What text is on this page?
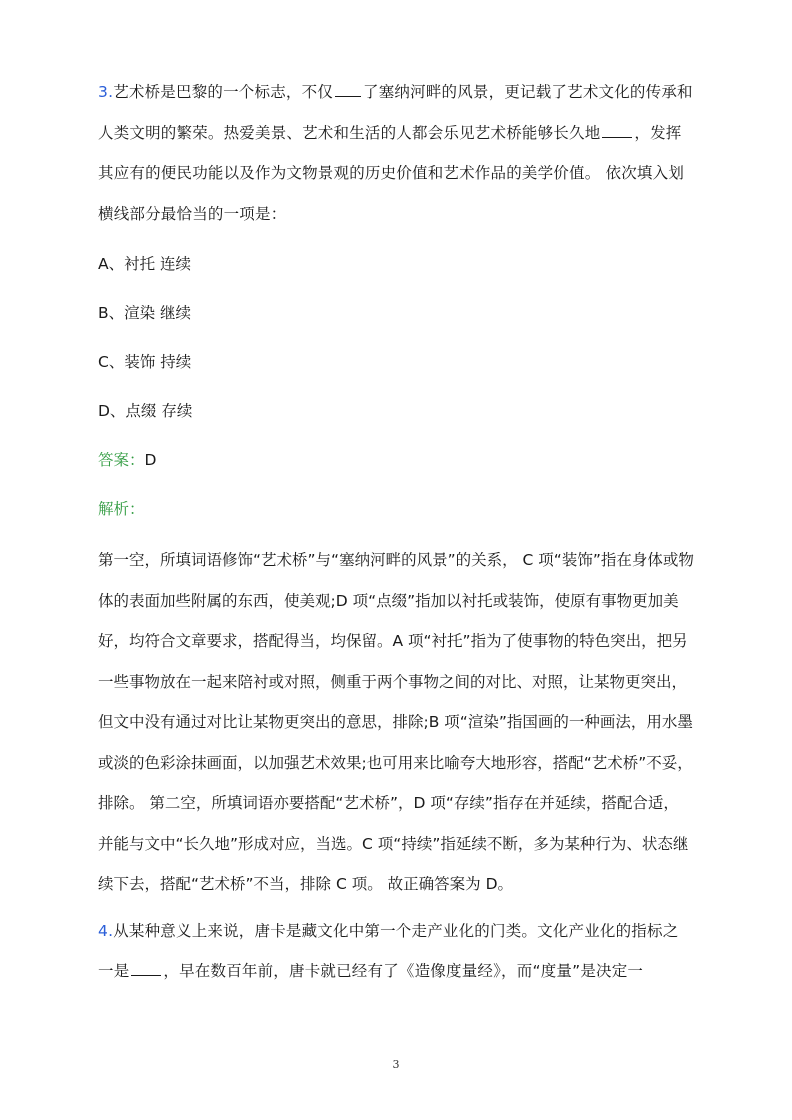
3.艺术桥是巴黎的一个标志，不仅 了塞纳河畔的风景，更记载了艺术文化的传承和人类文明的繁荣。热爱美景、艺术和生活的人都会乐见艺术桥能够长久地 ，发挥其应有的便民功能以及作为文物景观的历史价值和艺术作品的美学价值。 依次填入划横线部分最恰当的一项是：

A、衬托 连续

B、渲染 继续

C、装饰 持续

D、点缀 存续

答案：D

解析：

第一空，所填词语修饰“艺术桥”与“塞纳河畔的风景”的关系， C 项“装饰”指在身体或物体的表面加些附属的东西，使美观;D 项“点缀”指加以衬托或装饰，使原有事物更加美好，均符合文章要求，搭配得当，均保留。A 项“衬托”指为了使事物的特色突出，把另一些事物放在一起来陪衬或对照，侧重于两个事物之间的对比、对照，让某物更突出，但文中没有通过对比让某物更突出的意思，排除;B 项“渲染”指国画的一种画法，用水墨或淡的色彩涂抹画面，以加强艺术效果;也可用来比喻夸大地形容，搭配“艺术桥”不妥，排除。 第二空，所填词语亦要搭配“艺术桥”，D 项“存续”指存在并延续，搭配合适，并能与文中“长久地”形成对应，当选。C 项“持续”指延续不断，多为某种行为、状态继续下去，搭配“艺术桥”不当，排除 C 项。 故正确答案为 D。

4.从某种意义上来说，唐卡是藏文化中第一个走产业化的门类。文化产业化的指标之一是 ，早在数百年前，唐卡就已经有了《造像度量经》，而“度量”是决定一

3
